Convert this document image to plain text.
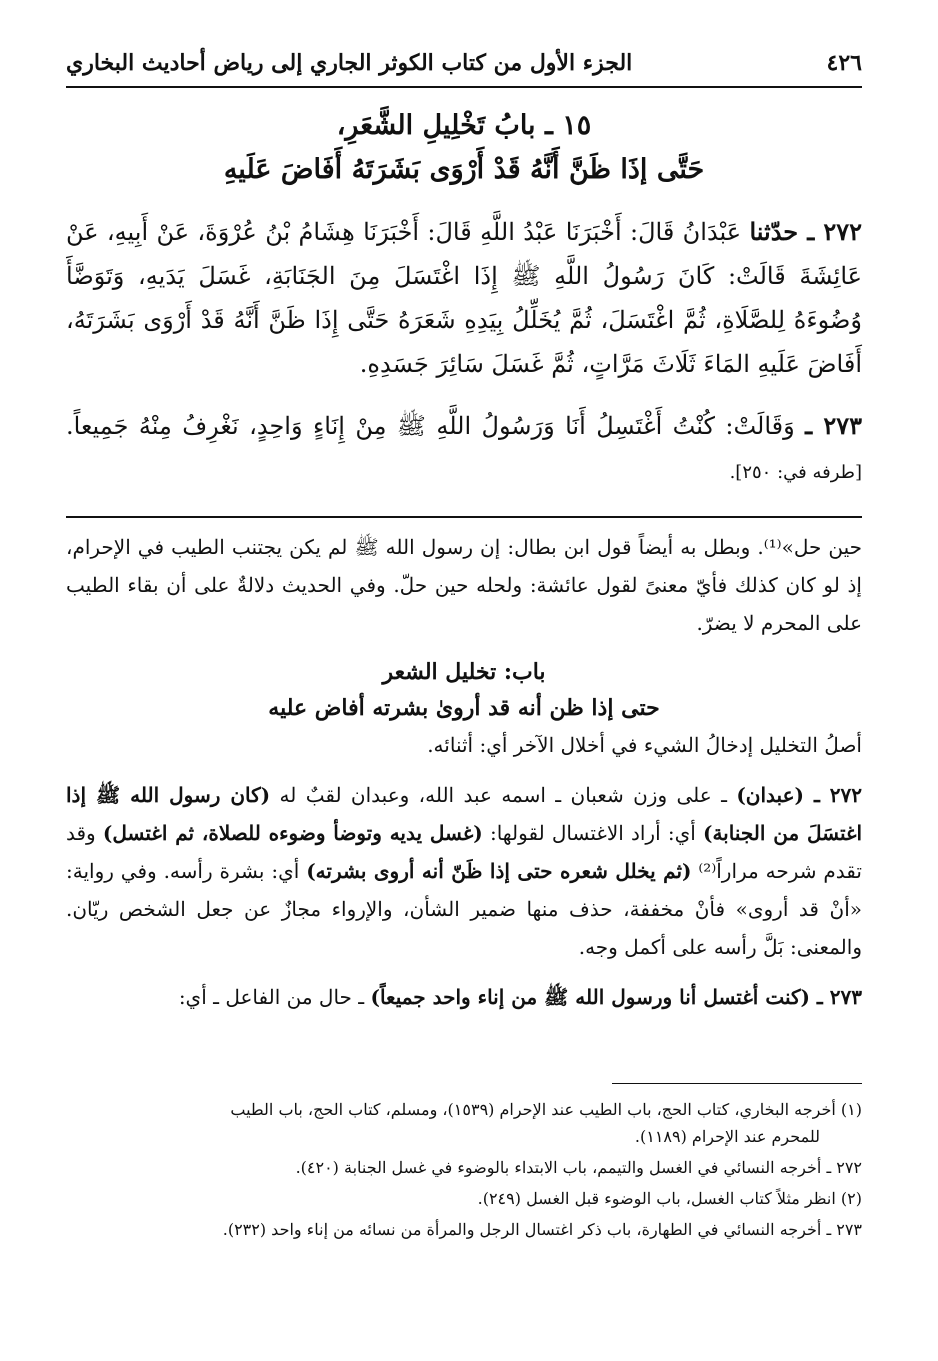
٤٢٦
الجزء الأول من كتاب الكوثر الجاري إلى رياض أحاديث البخاري
١٥ ـ بابُ تَخْلِيلِ الشَّعَرِ،
حَتَّى إذَا ظَنَّ أَنَّهُ قَدْ أَرْوَى بَشَرَتَهُ أَفَاضَ عَلَيهِ
٢٧٢ ـ حدّثنا عَبْدَانُ قَالَ: أَخْبَرَنَا عَبْدُ اللَّهِ قَالَ: أَخْبَرَنَا هِشَامُ بْنُ عُرْوَةَ، عَنْ أَبِيهِ، عَنْ عَائِشَةَ قَالَتْ: كَانَ رَسُولُ اللَّهِ ﷺ إِذَا اغْتَسَلَ مِنَ الجَنَابَةِ، غَسَلَ يَدَيهِ، وَتَوَضَّأَ وُضُوءَهُ لِلصَّلَاةِ، ثُمَّ اغْتَسَلَ، ثُمَّ يُخَلِّلُ بِيَدِهِ شَعَرَهُ حَتَّى إِذَا ظَنَّ أَنَّهُ قَدْ أَرْوَى بَشَرَتَهُ، أَفَاضَ عَلَيهِ المَاءَ ثَلَاثَ مَرَّاتٍ، ثُمَّ غَسَلَ سَائِرَ جَسَدِهِ.
٢٧٣ ـ وَقَالَتْ: كُنْتُ أَغْتَسِلُ أَنَا وَرَسُولُ اللَّهِ ﷺ مِنْ إِنَاءٍ وَاحِدٍ، نَغْرِفُ مِنْهُ جَمِيعاً. [طرفه في: ٢٥٠].

حين حل»⁽¹⁾. وبطل به أيضاً قول ابن بطال: إن رسول الله ﷺ لم يكن يجتنب الطيب في الإحرام، إذ لو كان كذلك فأيّ معنىً لقول عائشة: ولحله حين حلّ. وفي الحديث دلالةٌ على أن بقاء الطيب على المحرم لا يضرّ.

باب: تخليل الشعر
حتى إذا ظن أنه قد أروىٰ بشرته أفاض عليه

أصلُ التخليل إدخالُ الشيء في أخلال الآخر أي: أثنائه.

٢٧٢ ـ (عبدان) ـ على وزن شعبان ـ اسمه عبد الله، وعبدان لقبٌ له (كان رسول الله ﷺ إذا اغتسَلَ من الجنابة) أي: أراد الاغتسال لقولها: (غسل يديه وتوضأ وضوءه للصلاة، ثم اغتسل) وقد تقدم شرحه مراراً⁽²⁾ (ثم يخلل شعره حتى إذا ظَنّ أنه أروى بشرته) أي: بشرة رأسه. وفي رواية: «أنْ قد أروى» فأنْ مخففة، حذف منها ضمير الشأن، والإرواء مجازٌ عن جعل الشخص ريّان. والمعنى: بَلَّ رأسه على أكمل وجه.

٢٧٣ ـ (كنت أغتسل أنا ورسول الله ﷺ من إناء واحد جميعاً) ـ حال من الفاعل ـ أي:

(١) أخرجه البخاري، كتاب الحج، باب الطيب عند الإحرام (١٥٣٩)، ومسلم، كتاب الحج، باب الطيب
للمحرم عند الإحرام (١١٨٩).

٢٧٢ ـ أخرجه النسائي في الغسل والتيمم، باب الابتداء بالوضوء في غسل الجنابة (٤٢٠).

(٢) انظر مثلاً كتاب الغسل، باب الوضوء قبل الغسل (٢٤٩).

٢٧٣ ـ أخرجه النسائي في الطهارة، باب ذكر اغتسال الرجل والمرأة من نسائه من إناء واحد (٢٣٢).
